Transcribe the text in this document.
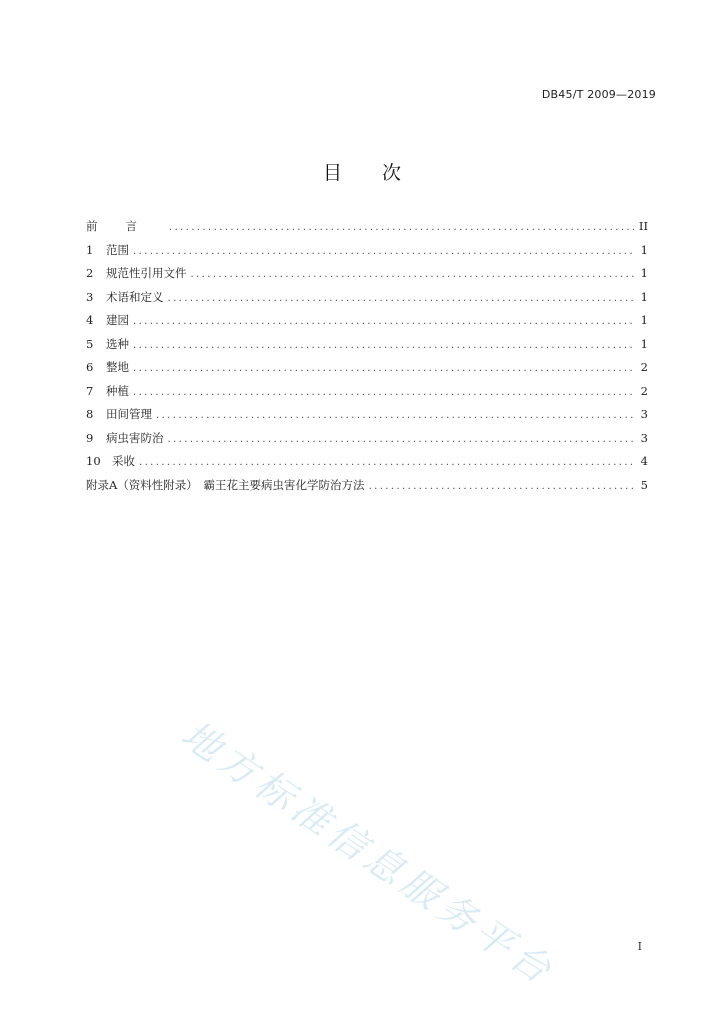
DB45/T 2009—2019
目 次
前言 .....	II
1	范围 .....	1
2	规范性引用文件 .....	1
3	术语和定义 .....	1
4	建园 .....	1
5	选种 .....	1
6	整地 .....	2
7	种植 .....	2
8	田间管理 .....	3
9	病虫害防治 .....	3
10 采收 .....	4
附录A（资料性附录）　霸王花主要病虫害化学防治方法 .....	5
地方标准信息服务平台	I
